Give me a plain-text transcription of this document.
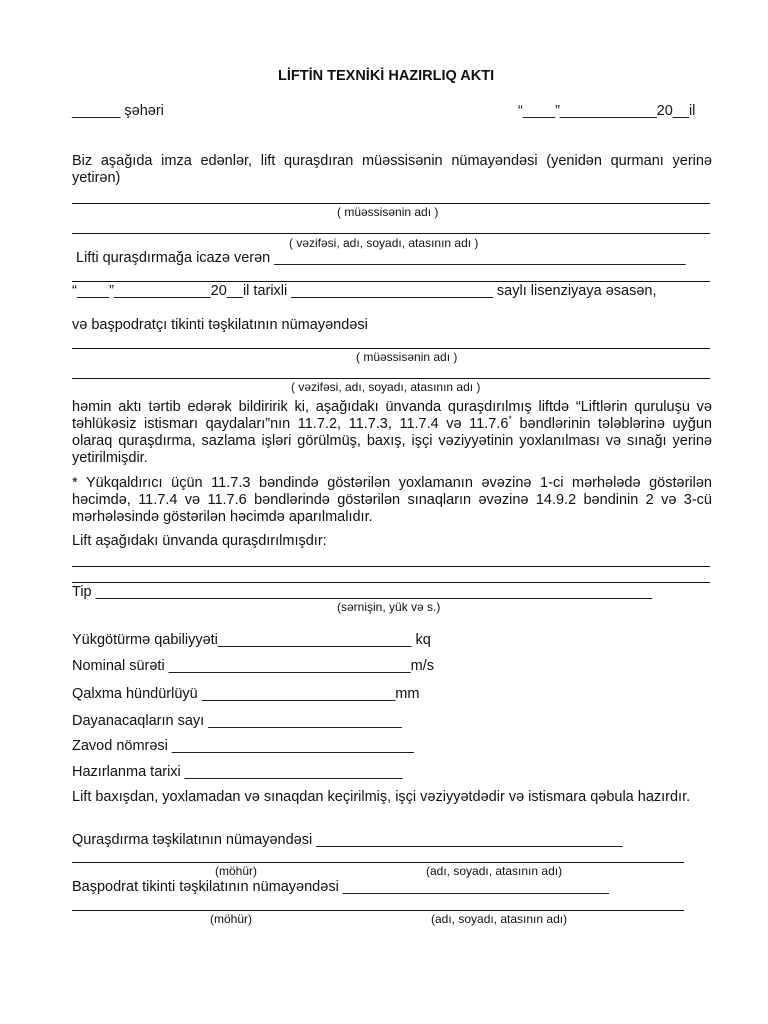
LİFTİN TEXNİKİ HAZIRLIQ AKTI
______ şəhəri	“____”____________20__il
Biz aşağıda imza edənlər, lift quraşdıran müəssisənin nümayəndəsi (yenidən qurmanı yerinə yetirən)
( müəssisənin adı )
( vəzifəsi, adı, soyadı, atasının adı )
Lifti quraşdırmağa icazə verən ___________________________________________________
“____”____________20__il tarixli _________________________ saylı lisenziyaya əsasən,
və başpodratçı tikinti təşkilatının nümayəndəsi
( müəssisənin adı )
( vəzifəsi, adı, soyadı, atasının adı )
həmin aktı tərtib edərək bildiririk ki, aşağıdakı ünvanda quraşdırılmış liftdə “Liftlərin quruluşu və təhlükəsiz istismarı qaydaları”nın 11.7.2, 11.7.3, 11.7.4 və 11.7.6* bəndlərinin tələblərinə uyğun olaraq quraşdırma, sazlama işləri görülmüş, baxış, işçi vəziyyətinin yoxlanılması və sınağı yerinə yetirilmişdir.
* Yükqaldırıcı üçün 11.7.3 bəndində göstərilən yoxlamanın əvəzinə 1-ci mərhələdə göstərilən həcimdə, 11.7.4 və 11.7.6 bəndlərində göstərilən sınaqların əvəzinə 14.9.2 bəndinin 2 və 3-cü mərhələsində göstərilən həcimdə aparılmalıdır.
Lift aşağıdakı ünvanda quraşdırılmışdır:
Tip _____________________________________________________________________
(sərnişin, yük və s.)
Yükgötürmə qabiliyyəti________________________ kq
Nominal sürəti ______________________________m/s
Qalxma hündürlüyü ________________________mm
Dayanacaqların sayı ________________________
Zavod nömrəsi ______________________________
Hazırlanma tarixi ___________________________
Lift baxışdan, yoxlamadan və sınaqdan keçirilmiş, işçi vəziyyətdədir və istismara qəbula hazırdır.
Quraşdırma təşkilatının nümayəndəsi ______________________________________
(möhür)	(adı, soyadı, atasının adı)
Başpodrat tikinti təşkilatının nümayəndəsi _________________________________
(möhür)	(adı, soyadı, atasının adı)
